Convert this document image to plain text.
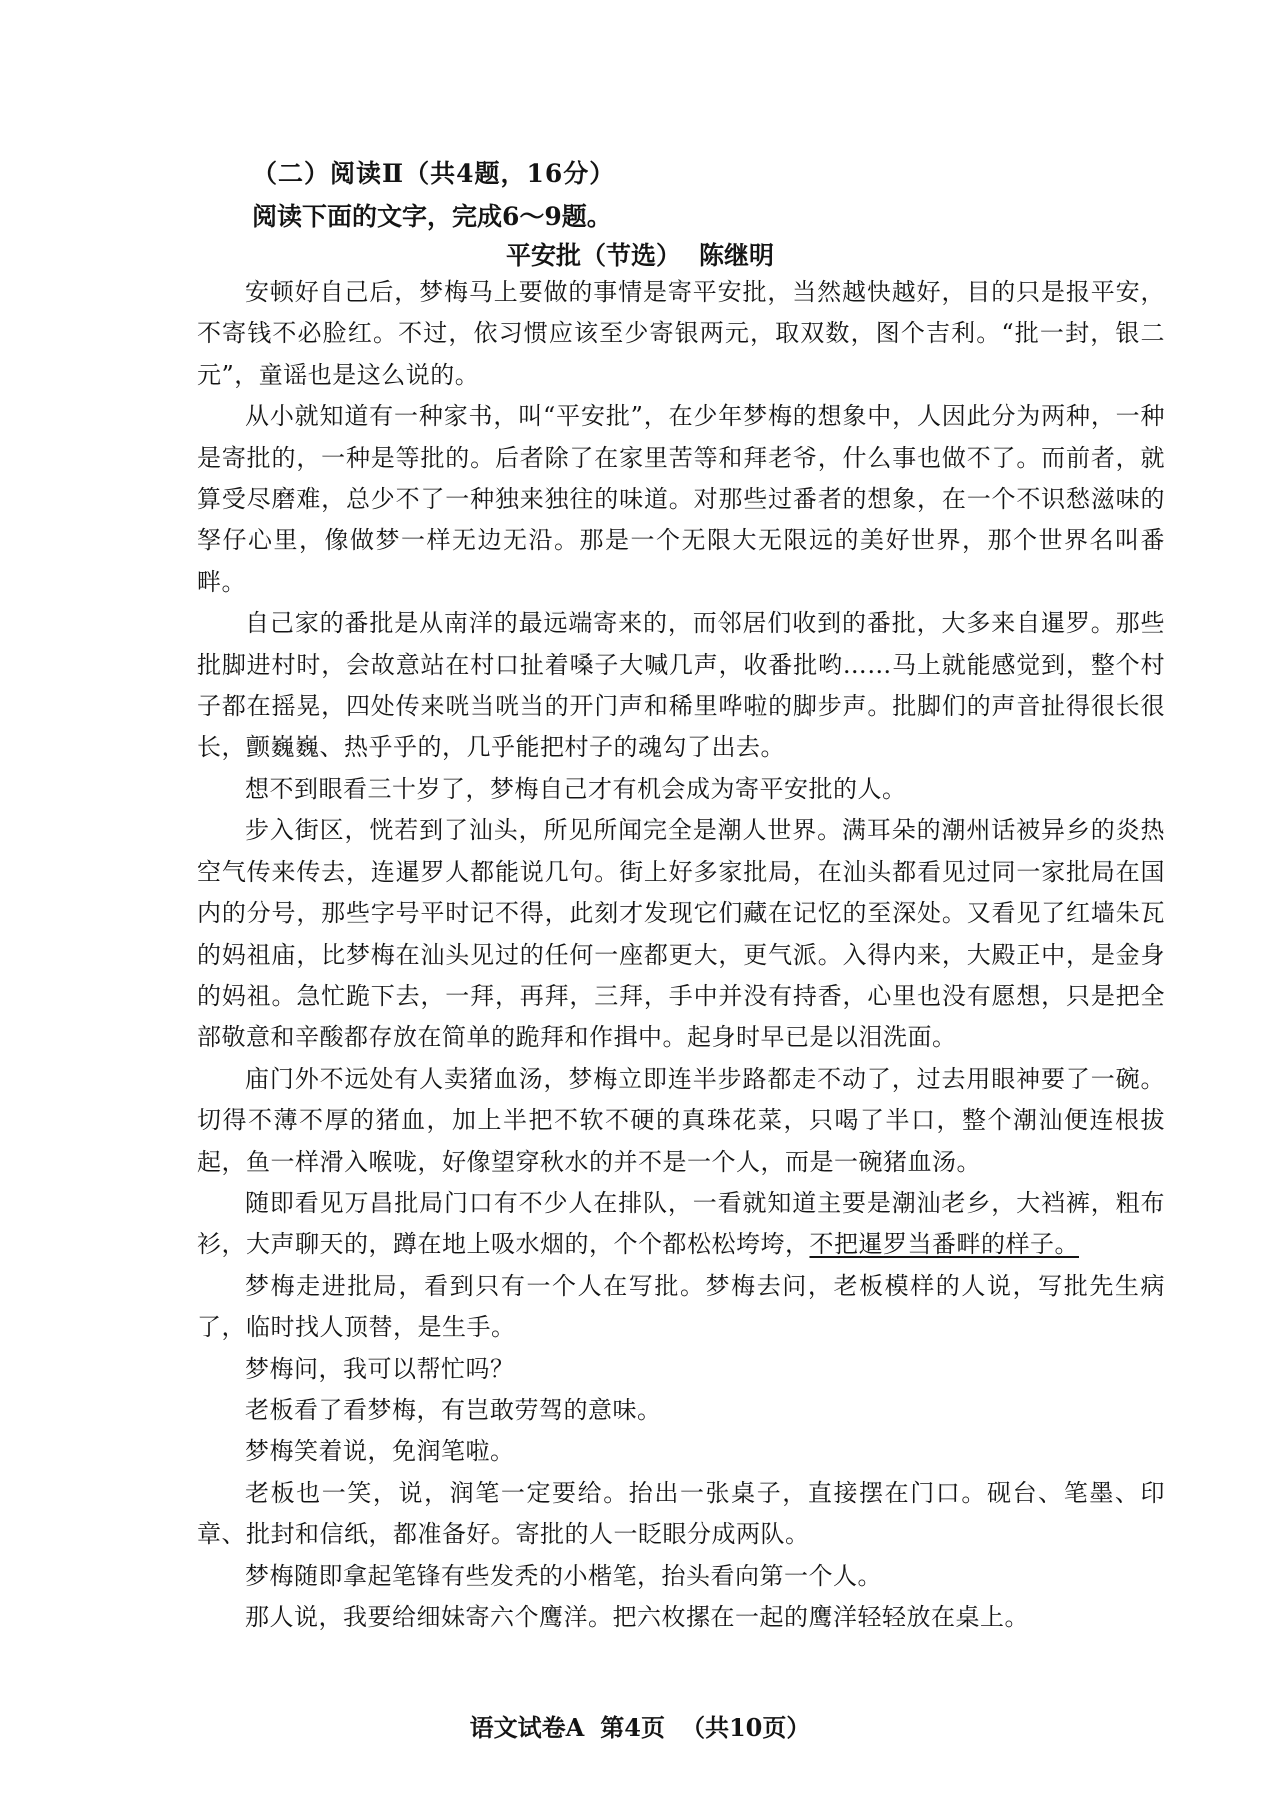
（二）阅读Ⅱ（共4题，16分）
阅读下面的文字，完成6～9题。
平安批（节选） 陈继明

安顿好自己后，梦梅马上要做的事情是寄平安批，当然越快越好，目的只是报平安，不寄钱不必脸红。不过，依习惯应该至少寄银两元，取双数，图个吉利。“批一封，银二元”，童谣也是这么说的。

从小就知道有一种家书，叫“平安批”，在少年梦梅的想象中，人因此分为两种，一种是寄批的，一种是等批的。后者除了在家里苦等和拜老爷，什么事也做不了。而前者，就算受尽磨难，总少不了一种独来独往的味道。对那些过番者的想象，在一个不识愁滋味的孥仔心里，像做梦一样无边无沿。那是一个无限大无限远的美好世界，那个世界名叫番畔。

自己家的番批是从南洋的最远端寄来的，而邻居们收到的番批，大多来自暹罗。那些批脚进村时，会故意站在村口扯着嗓子大喊几声，收番批哟……马上就能感觉到，整个村子都在摇晃，四处传来咣当咣当的开门声和稀里哗啦的脚步声。批脚们的声音扯得很长很长，颤巍巍、热乎乎的，几乎能把村子的魂勾了出去。

想不到眼看三十岁了，梦梅自己才有机会成为寄平安批的人。

步入街区，恍若到了汕头，所见所闻完全是潮人世界。满耳朵的潮州话被异乡的炎热空气传来传去，连暹罗人都能说几句。街上好多家批局，在汕头都看见过同一家批局在国内的分号，那些字号平时记不得，此刻才发现它们藏在记忆的至深处。又看见了红墙朱瓦的妈祖庙，比梦梅在汕头见过的任何一座都更大，更气派。入得内来，大殿正中，是金身的妈祖。急忙跪下去，一拜，再拜，三拜，手中并没有持香，心里也没有愿想，只是把全部敬意和辛酸都存放在简单的跪拜和作揖中。起身时早已是以泪洗面。

庙门外不远处有人卖猪血汤，梦梅立即连半步路都走不动了，过去用眼神要了一碗。切得不薄不厚的猪血，加上半把不软不硬的真珠花菜，只喝了半口，整个潮汕便连根拔起，鱼一样滑入喉咙，好像望穿秋水的并不是一个人，而是一碗猪血汤。

随即看见万昌批局门口有不少人在排队，一看就知道主要是潮汕老乡，大裆裤，粗布衫，大声聊天的，蹲在地上吸水烟的，个个都松松垮垮，不把暹罗当番畔的样子。

梦梅走进批局，看到只有一个人在写批。梦梅去问，老板模样的人说，写批先生病了，临时找人顶替，是生手。

梦梅问，我可以帮忙吗？

老板看了看梦梅，有岂敢劳驾的意味。

梦梅笑着说，免润笔啦。

老板也一笑，说，润笔一定要给。抬出一张桌子，直接摆在门口。砚台、笔墨、印章、批封和信纸，都准备好。寄批的人一眨眼分成两队。

梦梅随即拿起笔锋有些发秃的小楷笔，抬头看向第一个人。

那人说，我要给细妹寄六个鹰洋。把六枚摞在一起的鹰洋轻轻放在桌上。

语文试卷A 第4页 （共10页）
